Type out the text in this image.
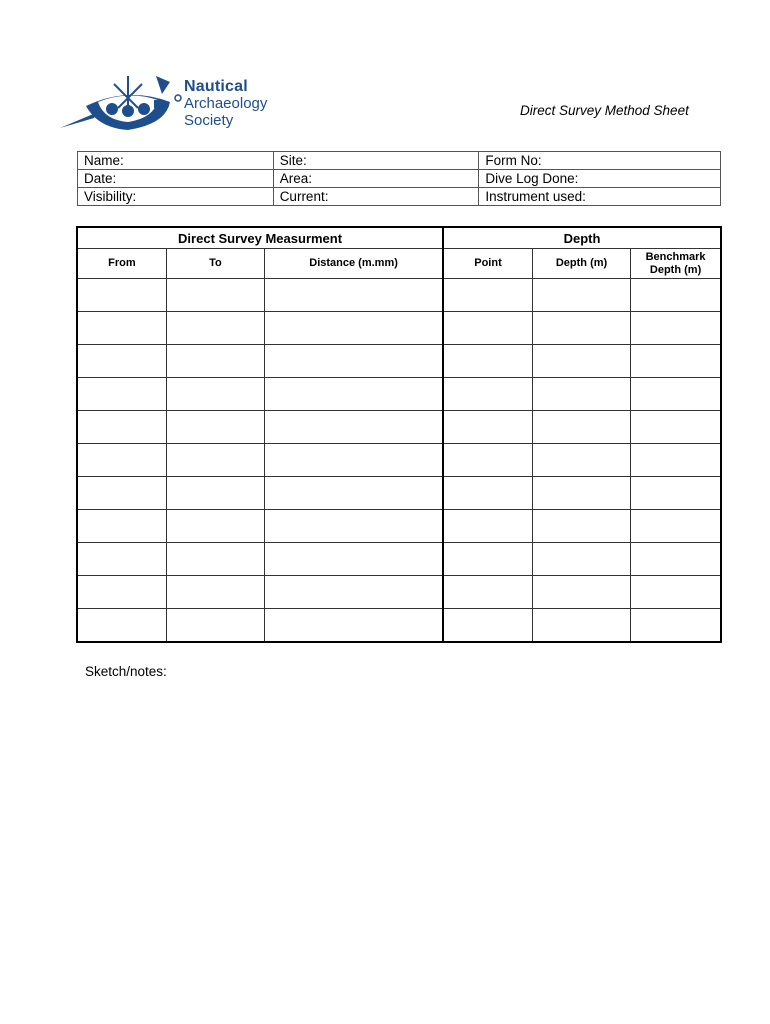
Nautical
Archaeology
Society
Direct Survey Method Sheet
Name:	Site:	Form No:
Date:	Area:	Dive Log Done:
Visibility:	Current:	Instrument used:
Direct Survey Measurment			Depth		
From	To	Distance (m.mm)	Point	Depth (m)	Benchmark Depth (m)

Sketch/notes:
